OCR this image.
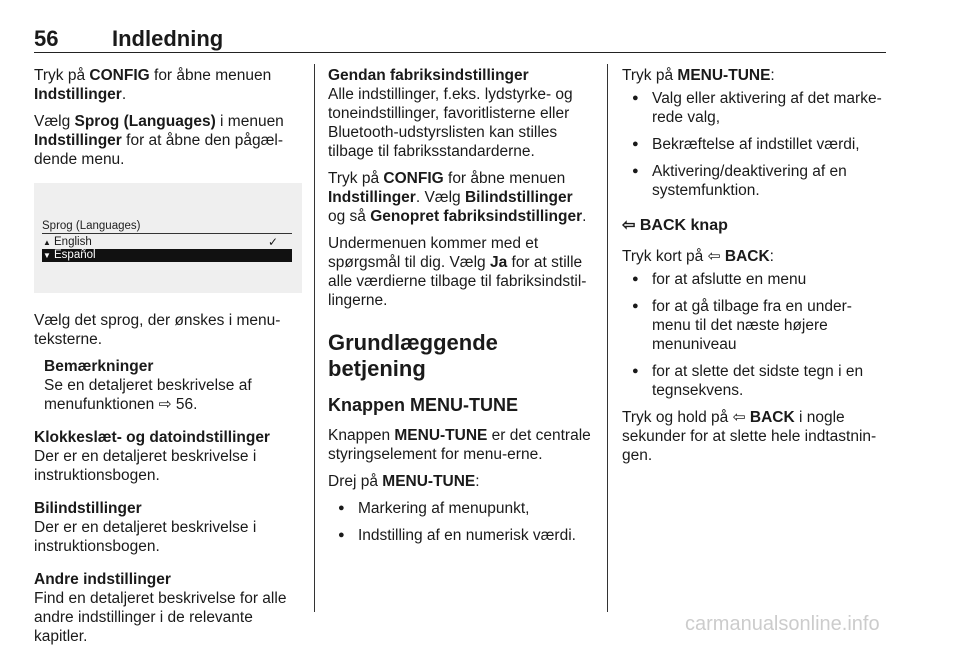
56 Indledning

Tryk på CONFIG for åbne menuen Indstillinger.

Vælg Sprog (Languages) i menuen Indstillinger for at åbne den pågæl-dende menu.

Sprog (Languages)
▲ English	✓
▼ Español

Vælg det sprog, der ønskes i menu-teksterne.

Bemærkninger
Se en detaljeret beskrivelse af menufunktionen ⇨ 56.
Klokkeslæt- og datoindstillinger
Der er en detaljeret beskrivelse i instruktionsbogen.
Bilindstillinger
Der er en detaljeret beskrivelse i instruktionsbogen.
Andre indstillinger
Find en detaljeret beskrivelse for alle andre indstillinger i de relevante kapitler.

Gendan fabriksindstillinger
Alle indstillinger, f.eks. lydstyrke- og toneindstillinger, favoritlisterne eller Bluetooth-udstyrslisten kan stilles tilbage til fabriksstandarderne.

Tryk på CONFIG for åbne menuen Indstillinger. Vælg Bilindstillinger og så Genopret fabriksindstillinger.

Undermenuen kommer med et spørgsmål til dig. Vælg Ja for at stille alle værdierne tilbage til fabriksindstil-lingerne.

Grundlæggende betjening
Knappen MENU-TUNE

Knappen MENU-TUNE er det centrale styringselement for menu-erne.

Drej på MENU-TUNE:

● Markering af menupunkt,
● Indstilling af en numerisk værdi.

Tryk på MENU-TUNE:

● Valg eller aktivering af det marke-rede valg,
● Bekræftelse af indstillet værdi,
● Aktivering/deaktivering af en systemfunktion.
⇦ BACK knap

Tryk kort på ⇦ BACK:

● for at afslutte en menu
● for at gå tilbage fra en under-menu til det næste højere menuniveau
● for at slette det sidste tegn i en tegnsekvens.

Tryk og hold på ⇦ BACK i nogle sekunder for at slette hele indtastnin-gen.

carmanualsonline.info
